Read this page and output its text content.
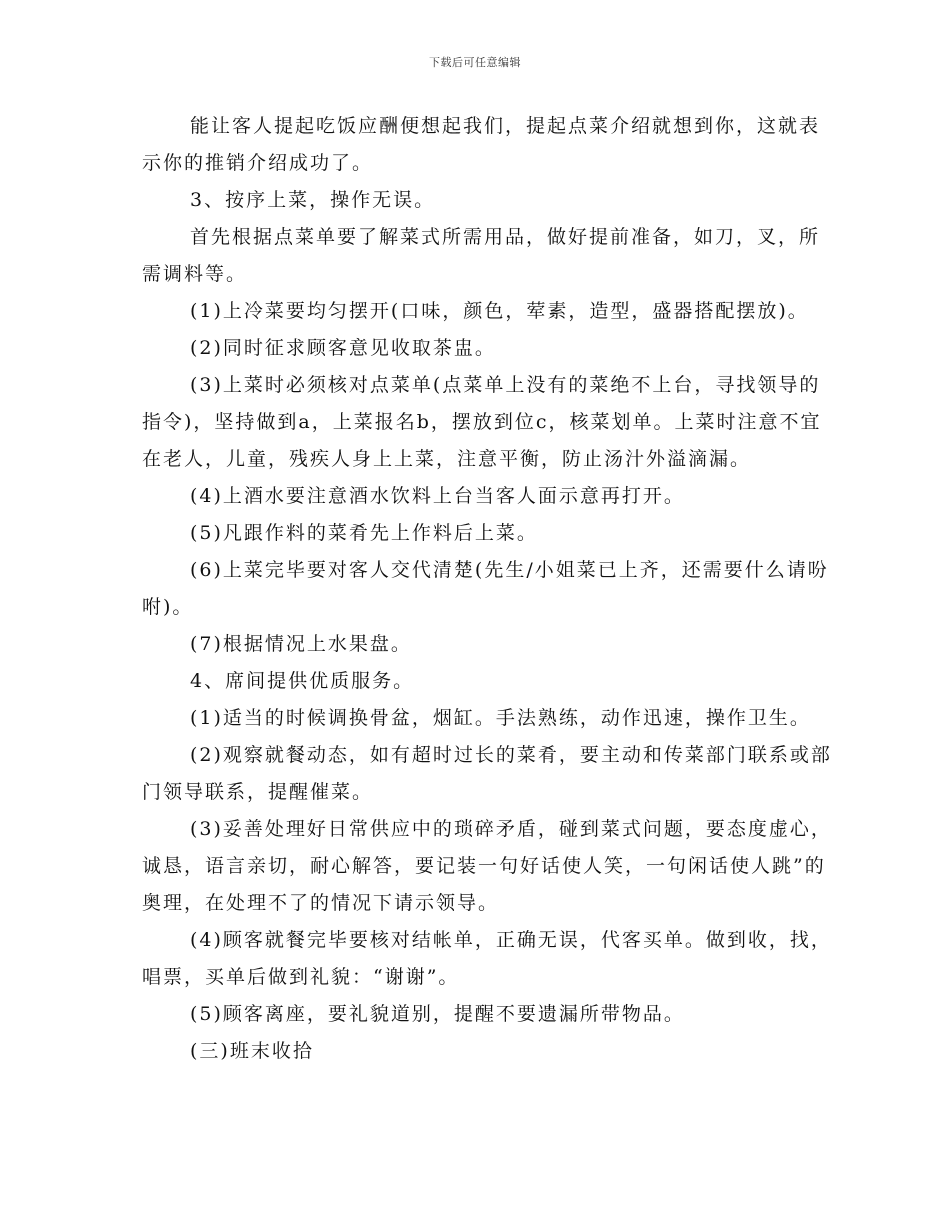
下载后可任意编辑

能让客人提起吃饭应酬便想起我们，提起点菜介绍就想到你，这就表示你的推销介绍成功了。

3、按序上菜，操作无误。

首先根据点菜单要了解菜式所需用品，做好提前准备，如刀，叉，所需调料等。

(1)上冷菜要均匀摆开(口味，颜色，荤素，造型，盛器搭配摆放)。

(2)同时征求顾客意见收取茶盅。

(3)上菜时必须核对点菜单(点菜单上没有的菜绝不上台，寻找领导的指令)，坚持做到a，上菜报名b，摆放到位c，核菜划单。上菜时注意不宜在老人，儿童，残疾人身上上菜，注意平衡，防止汤汁外溢滴漏。

(4)上酒水要注意酒水饮料上台当客人面示意再打开。

(5)凡跟作料的菜肴先上作料后上菜。

(6)上菜完毕要对客人交代清楚(先生/小姐菜已上齐，还需要什么请吩咐)。

(7)根据情况上水果盘。

4、席间提供优质服务。

(1)适当的时候调换骨盆，烟缸。手法熟练，动作迅速，操作卫生。

(2)观察就餐动态，如有超时过长的菜肴，要主动和传菜部门联系或部门领导联系，提醒催菜。

(3)妥善处理好日常供应中的琐碎矛盾，碰到菜式问题，要态度虚心，诚恳，语言亲切，耐心解答，要记装一句好话使人笑，一句闲话使人跳”的奥理，在处理不了的情况下请示领导。

(4)顾客就餐完毕要核对结帐单，正确无误，代客买单。做到收，找，唱票，买单后做到礼貌：“谢谢”。

(5)顾客离座，要礼貌道别，提醒不要遗漏所带物品。

(三)班末收拾
